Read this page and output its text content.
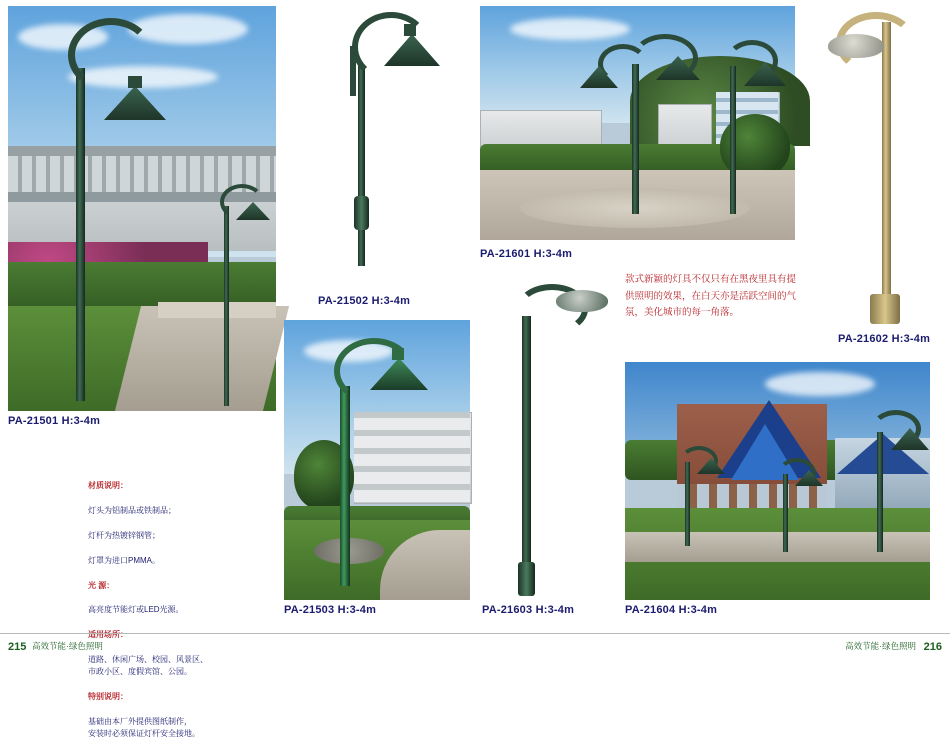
PA-21501 H:3-4m
PA-21502 H:3-4m
PA-21503 H:3-4m
PA-21601 H:3-4m
PA-21602 H:3-4m
PA-21603 H:3-4m	PA-21604 H:3-4m

材质说明：

灯头为铝制品或铁制品；

灯杆为热镀锌钢管；

灯罩为进口PMMA。

光 源：

高亮度节能灯或LED光源。

适用场所：

道路、休闲广场、校园、风景区、
市政小区、度假宾馆、公园。

特别说明：

基础由本厂外提供图纸制作，
安装时必须保证灯杆安全接地。

款式新颖的灯具不仅只有在黑夜里具有提供照明的效果，在白天亦是活跃空间的气氛，美化城市的每一角落。
215 高效节能·绿色照明	高效节能·绿色照明 216
